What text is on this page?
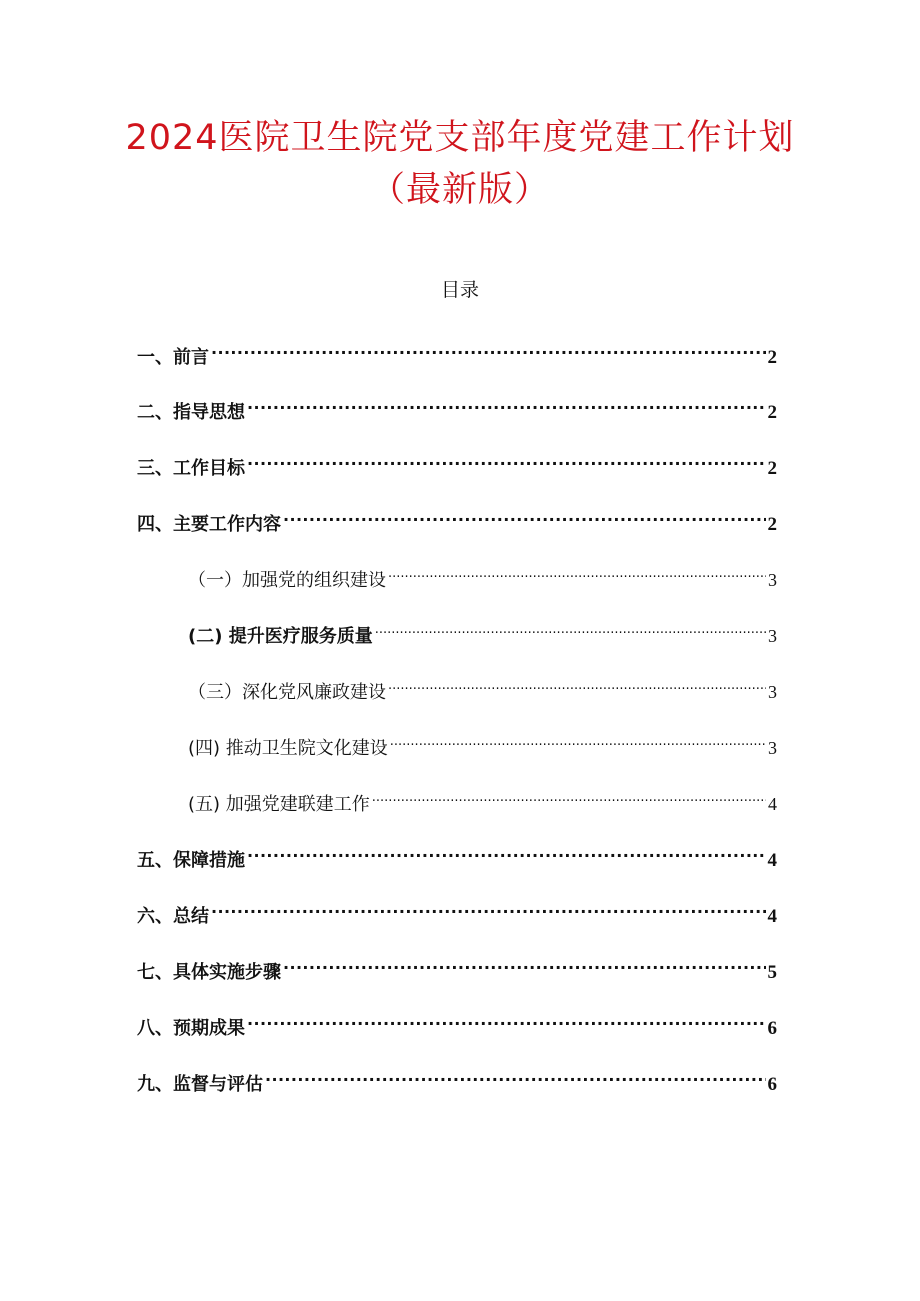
2024医院卫生院党支部年度党建工作计划（最新版）
目录
一、前言 .....	2
二、指导思想 .....	2
三、工作目标 .....	2
四、主要工作内容 .....	2
（一）加强党的组织建设 .....	3
(二) 提升医疗服务质量 .....	3
（三）深化党风廉政建设 .....	3
(四) 推动卫生院文化建设 .....	3
(五) 加强党建联建工作 .....	4
五、保障措施 .....	4
六、总结 .....	4
七、具体实施步骤 .....	5
八、预期成果 .....	6
九、监督与评估 .....	6
